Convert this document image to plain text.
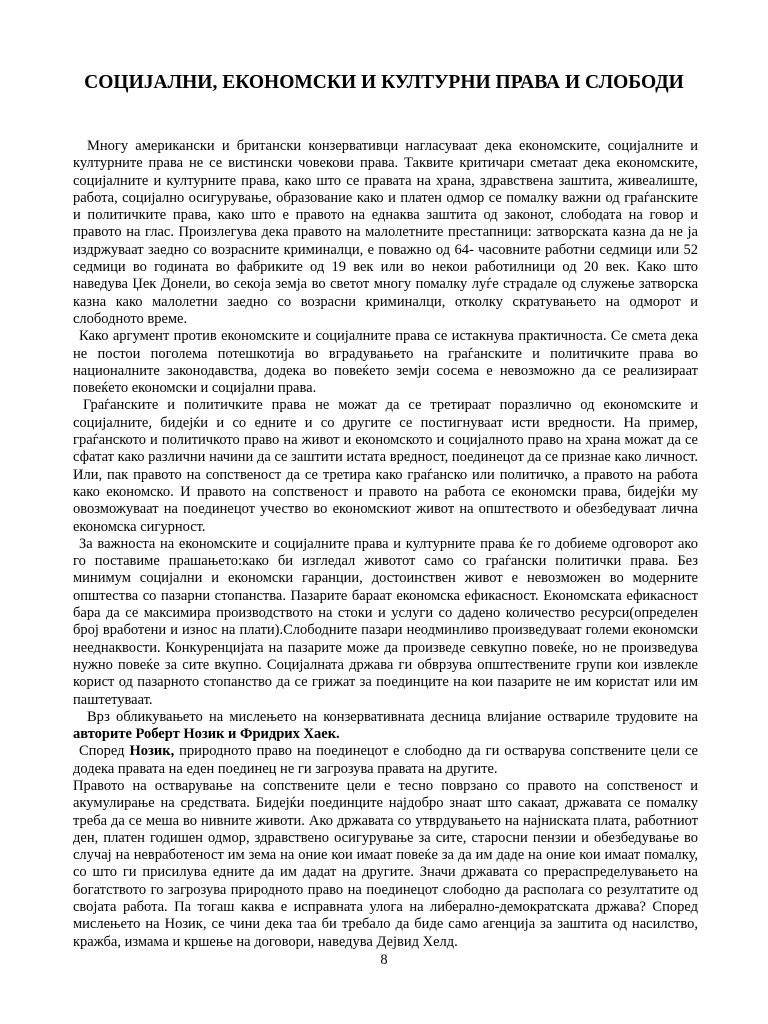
СОЦИЈАЛНИ, ЕКОНОМСКИ И КУЛТУРНИ ПРАВА И СЛОБОДИ

Многу американски и британски конзервативци нагласуваат дека економските, социјалните и културните права не се вистински човекови права. Таквите критичари сметаат дека економските, социјалните и културните права, како што се правата на храна, здравствена заштита, живеалиште, работа, социјално осигурување, образование како и платен одмор се помалку важни од граѓанските и политичките права, како што е правото на еднаква заштита од законот, слободата на говор и правото на глас. Произлегува дека правото на малолетните престапници: затворската казна да не ја издржуваат заедно со возрасните криминалци, е поважно од 64- часовните работни седмици или 52 седмици во годината во фабриките од 19 век или во некои работилници од 20 век. Како што наведува Џек Донели, во секоја земја во светот многу помалку луѓе страдале од служење затворска казна како малолетни заедно со возрасни криминалци, отколку скратувањето на одморот и слободното време.

Како аргумент против економските и социјалните права се истакнува практичноста. Се смета дека не постои поголема потешкотија во вградувањето на граѓанските и политичките права во националните законодавства, додека во повеќето земји сосема е невозможно да се реализираат повеќето економски и социјални права.

Граѓанските и политичките права не можат да се третираат поразлично од економските и социјалните, бидејќи и со едните и со другите се постигнуваат исти вредности. На пример, граѓанското и политичкото право на живот и економското и социјалното право на храна можат да се сфатат како различни начини да се заштити истата вредност, поединецот да се признае како личност. Или, пак правото на сопственост да се третира како граѓанско или политичко, а правото на работа како економско. И правото на сопственост и правото на работа се економски права, бидејќи му овозможуваат на поединецот учество во економскиот живот на општеството и обезбедуваат лична економска сигурност.

За важноста на економските и социјалните права и културните права ќе го добиеме одговорот ако го поставиме прашањето:како би изгледал животот само со граѓански политички права. Без минимум социјални и економски гаранции, достоинствен живот е невозможен во модерните општества со пазарни стопанства. Пазарите бараат економска ефикасност. Економската ефикасност бара да се максимира производството на стоки и услуги со дадено количество ресурси(определен број вработени и износ на плати).Слободните пазари неодминливо произведуваат големи економски нееднаквости. Конкуренцијата на пазарите може да произведе севкупно повеќе, но не произведува нужно повеќе за сите вкупно. Социјалната држава ги обврзува општествените групи кои извлекле корист од пазарното стопанство да се грижат за поединците на кои пазарите не им користат или им паштетуваат.

Врз обликувањето на мислењето на конзервативната десница влијание оствариле трудовите на авторите Роберт Нозик и Фридрих Хаек.

Според Нозик, природното право на поединецот е слободно да ги остварува сопствените цели се додека правата на еден поединец не ги загрозува правата на другите.

Правото на остварување на сопствените цели е тесно поврзано со правото на сопственост и акумулирање на средствата. Бидејќи поединците најдобро знаат што сакаат, државата се помалку треба да се меша во нивните животи. Ако државата со утврдувањето на најниската плата, работниот ден, платен годишен одмор, здравствено осигурување за сите, старосни пензии и обезбедување во случај на невработеност им зема на оние кои имаат повеќе за да им даде на оние кои имаат помалку, со што ги присилува едните да им дадат на другите. Значи државата со прераспределувањето на богатството го загрозува природното право на поединецот слободно да располага со резултатите од својата работа. Па тогаш каква е исправната улога на либерално-демократската држава? Според мислењето на Нозик, се чини дека таа би требало да биде само агенција за заштита од насилство, кражба, измама и кршење на договори, наведува Дејвид Хелд.

8
